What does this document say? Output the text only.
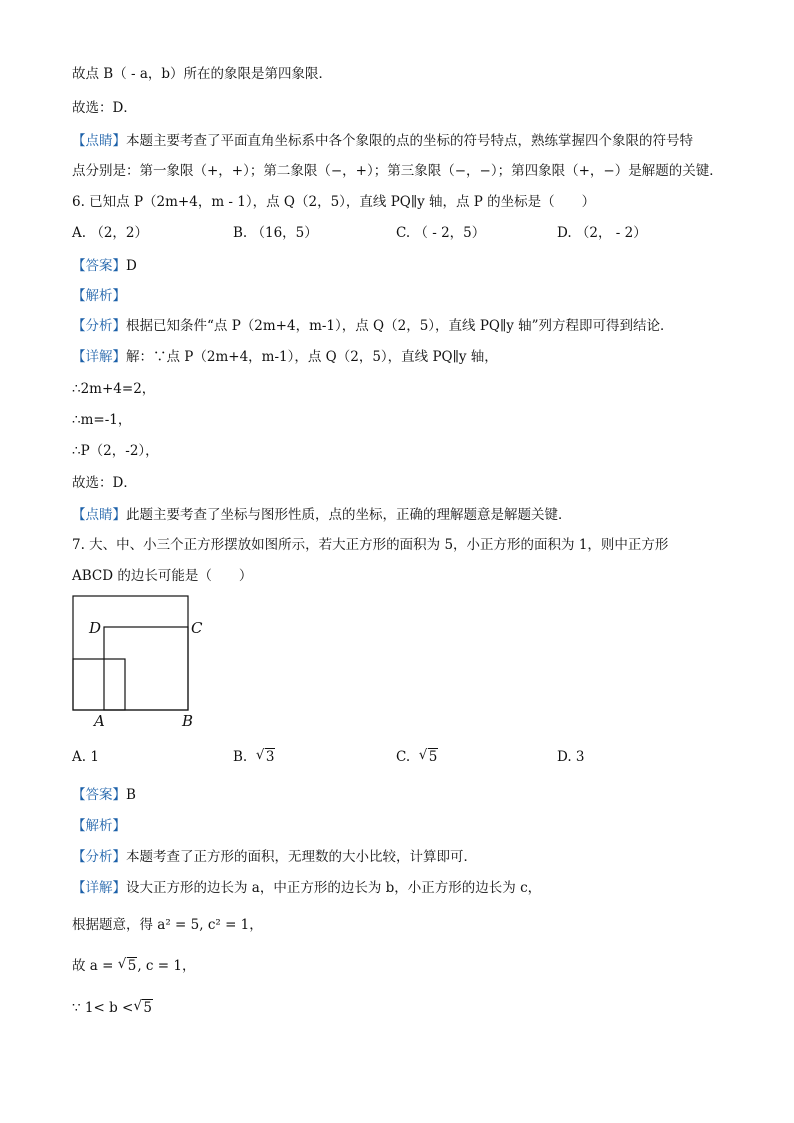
故点 B（ - a，b）所在的象限是第四象限．
故选：D．
【点睛】本题主要考查了平面直角坐标系中各个象限的点的坐标的符号特点，熟练掌握四个象限的符号特
点分别是：第一象限（+，+）；第二象限（−，+）；第三象限（−，−）；第四象限（+，−）是解题的关键．
6. 已知点 P（2m+4，m - 1），点 Q（2，5），直线 PQ∥y 轴，点 P 的坐标是（　　）
A. （2，2）	B. （16，5）	C. （ - 2，5）	D. （2， - 2）
【答案】D
【解析】
【分析】根据已知条件“点 P（2m+4，m-1），点 Q（2，5），直线 PQ∥y 轴”列方程即可得到结论．
【详解】解：∵点 P（2m+4，m-1），点 Q（2，5），直线 PQ∥y 轴，
∴2m+4=2，
∴m=-1，
∴P（2，-2），
故选：D．
【点睛】此题主要考查了坐标与图形性质，点的坐标，正确的理解题意是解题关键．
7. 大、中、小三个正方形摆放如图所示，若大正方形的面积为 5，小正方形的面积为 1，则中正方形
ABCD 的边长可能是（　　）
D	C
A	B
A. 1	B. √ 3	C. √ 5	D. 3
【答案】B
【解析】
【分析】本题考查了正方形的面积，无理数的大小比较，计算即可．
【详解】设大正方形的边长为 a，中正方形的边长为 b，小正方形的边长为 c，
根据题意，得 a² = 5, c² = 1，
故 a = √ 5, c = 1，
∵ 1< b < √ 5
